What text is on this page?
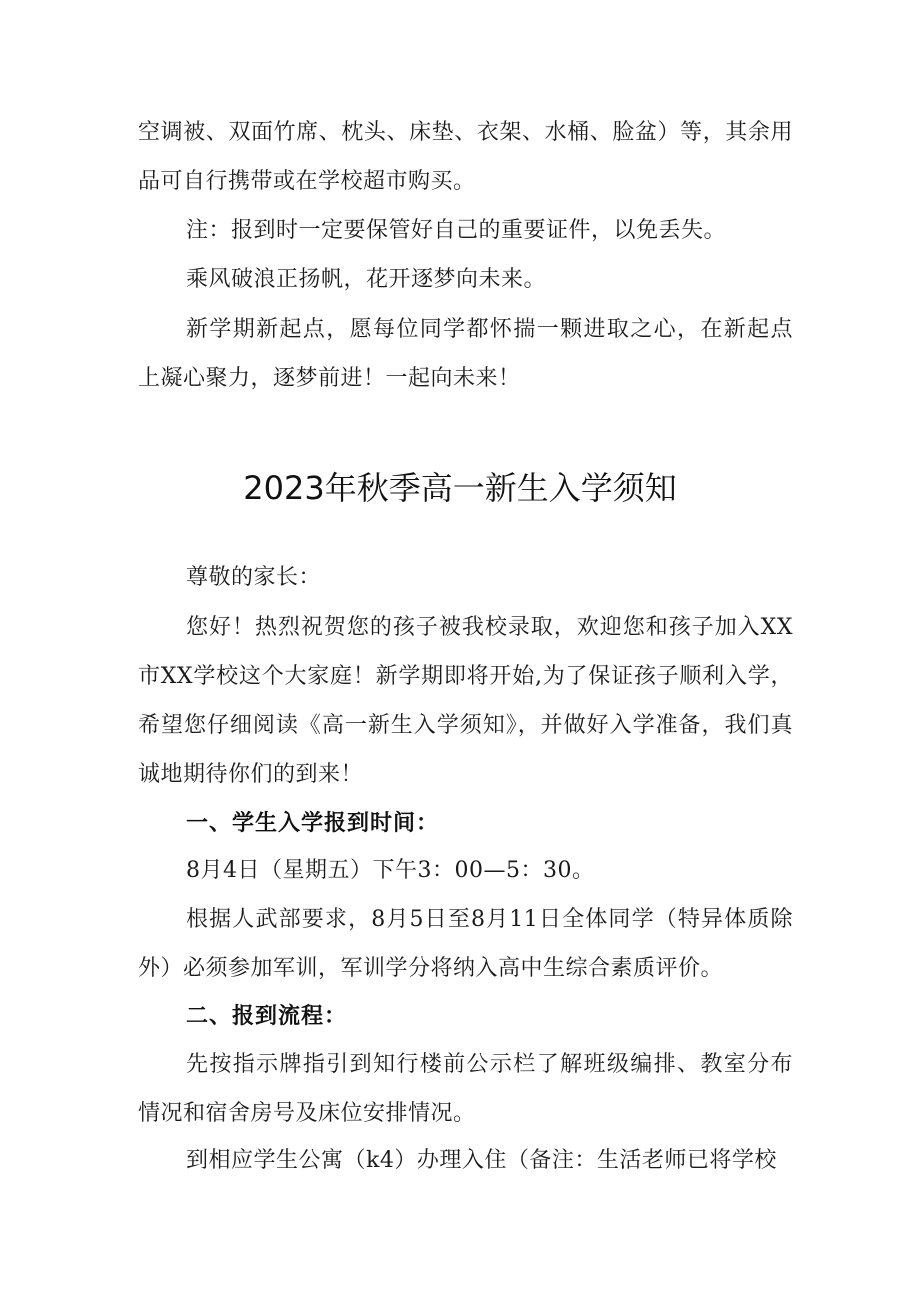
空调被、双面竹席、枕头、床垫、衣架、水桶、脸盆）等，其余用品可自行携带或在学校超市购买。

注：报到时一定要保管好自己的重要证件，以免丢失。

乘风破浪正扬帆，花开逐梦向未来。

新学期新起点，愿每位同学都怀揣一颗进取之心，在新起点上凝心聚力，逐梦前进！一起向未来！

2023年秋季高一新生入学须知

尊敬的家长：

您好！热烈祝贺您的孩子被我校录取，欢迎您和孩子加入XX市XX学校这个大家庭！新学期即将开始,为了保证孩子顺利入学，希望您仔细阅读《高一新生入学须知》，并做好入学准备，我们真诚地期待你们的到来！

一、学生入学报到时间：

8月4日（星期五）下午3：00—5：30。

根据人武部要求，8月5日至8月11日全体同学（特异体质除外）必须参加军训，军训学分将纳入高中生综合素质评价。

二、报到流程：

先按指示牌指引到知行楼前公示栏了解班级编排、教室分布情况和宿舍房号及床位安排情况。

到相应学生公寓（k4）办理入住（备注：生活老师已将学校
